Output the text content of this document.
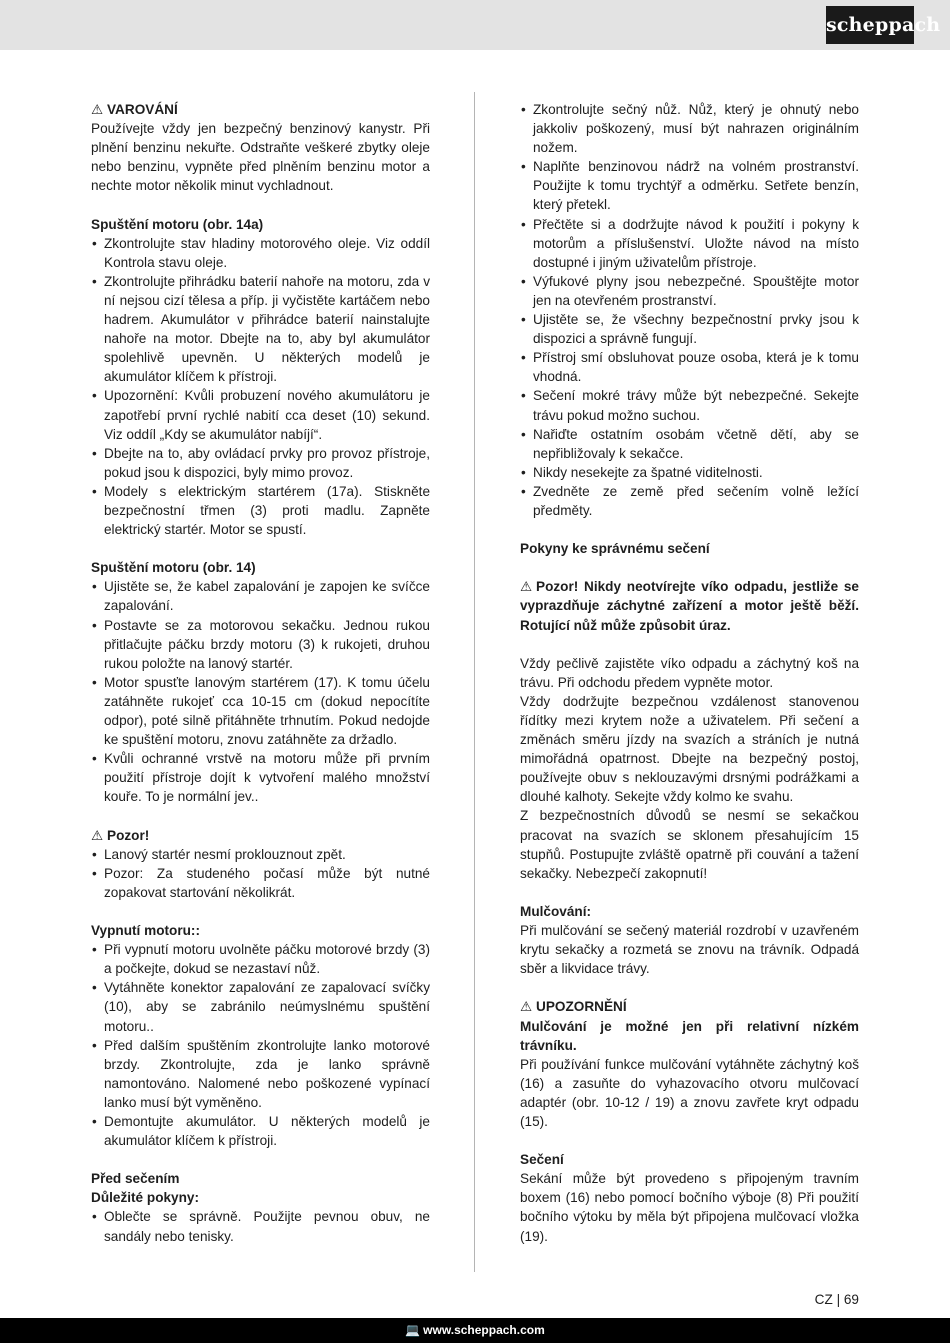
scheppach

⚠ VAROVÁNÍ

Používejte vždy jen bezpečný benzinový kanystr. Při plnění benzinu nekuřte. Odstraňte veškeré zbytky oleje nebo benzinu, vypněte před plněním benzinu motor a nechte motor několik minut vychladnout.

Spuštění motoru (obr. 14a)

• Zkontrolujte stav hladiny motorového oleje. Viz oddíl Kontrola stavu oleje.
• Zkontrolujte přihrádku baterií nahoře na motoru, zda v ní nejsou cizí tělesa a příp. ji vyčistěte kartáčem nebo hadrem. Akumulátor v přihrádce baterií nainstalujte nahoře na motor. Dbejte na to, aby byl akumulátor spolehlivě upevněn. U některých modelů je akumulátor klíčem k přístroji.
• Upozornění: Kvůli probuzení nového akumulátoru je zapotřebí první rychlé nabití cca deset (10) sekund. Viz oddíl „Kdy se akumulátor nabíjí“.
• Dbejte na to, aby ovládací prvky pro provoz přístroje, pokud jsou k dispozici, byly mimo provoz.
• Modely s elektrickým startérem (17a). Stiskněte bezpečnostní třmen (3) proti madlu. Zapněte elektrický startér. Motor se spustí.

Spuštění motoru (obr. 14)

• Ujistěte se, že kabel zapalování je zapojen ke svíčce zapalování.
• Postavte se za motorovou sekačku. Jednou rukou přitlačujte páčku brzdy motoru (3) k rukojeti, druhou rukou položte na lanový startér.
• Motor spusťte lanovým startérem (17). K tomu účelu zatáhněte rukojeť cca 10-15 cm (dokud nepocítíte odpor), poté silně přitáhněte trhnutím. Pokud nedojde ke spuštění motoru, znovu zatáhněte za držadlo.
• Kvůli ochranné vrstvě na motoru může při prvním použití přístroje dojít k vytvoření malého množství kouře. To je normální jev..

⚠ Pozor!

• Lanový startér nesmí proklouznout zpět.
• Pozor: Za studeného počasí může být nutné zopakovat startování několikrát.

Vypnutí motoru::

• Při vypnutí motoru uvolněte páčku motorové brzdy (3) a počkejte, dokud se nezastaví nůž.
• Vytáhněte konektor zapalování ze zapalovací svíčky (10), aby se zabránilo neúmyslnému spuštění motoru..
• Před dalším spuštěním zkontrolujte lanko motorové brzdy. Zkontrolujte, zda je lanko správně namontováno. Nalomené nebo poškozené vypínací lanko musí být vyměněno.
• Demontujte akumulátor. U některých modelů je akumulátor klíčem k přístroji.

Před sečením

Důležité pokyny:

• Oblečte se správně. Použijte pevnou obuv, ne sandály nebo tenisky.
• Zkontrolujte sečný nůž. Nůž, který je ohnutý nebo jakkoliv poškozený, musí být nahrazen originálním nožem.
• Naplňte benzinovou nádrž na volném prostranství. Použijte k tomu trychtýř a odměrku. Setřete benzín, který přetekl.
• Přečtěte si a dodržujte návod k použití i pokyny k motorům a příslušenství. Uložte návod na místo dostupné i jiným uživatelům přístroje.
• Výfukové plyny jsou nebezpečné. Spouštějte motor jen na otevřeném prostranství.
• Ujistěte se, že všechny bezpečnostní prvky jsou k dispozici a správně fungují.
• Přístroj smí obsluhovat pouze osoba, která je k tomu vhodná.
• Sečení mokré trávy může být nebezpečné. Sekejte trávu pokud možno suchou.
• Nařiďte ostatním osobám včetně dětí, aby se nepřibližovaly k sekačce.
• Nikdy nesekejte za špatné viditelnosti.
• Zvedněte ze země před sečením volně ležící předměty.

Pokyny ke správnému sečení

⚠ Pozor! Nikdy neotvírejte víko odpadu, jestliže se vyprazdňuje záchytné zařízení a motor ještě běží. Rotující nůž může způsobit úraz.

Vždy pečlivě zajistěte víko odpadu a záchytný koš na trávu. Při odchodu předem vypněte motor.

Vždy dodržujte bezpečnou vzdálenost stanovenou řídítky mezi krytem nože a uživatelem. Při sečení a změnách směru jízdy na svazích a stráních je nutná mimořádná opatrnost. Dbejte na bezpečný postoj, používejte obuv s neklouzavými drsnými podrážkami a dlouhé kalhoty. Sekejte vždy kolmo ke svahu.

Z bezpečnostních důvodů se nesmí se sekačkou pracovat na svazích se sklonem přesahujícím 15 stupňů. Postupujte zvláště opatrně při couvání a tažení sekačky. Nebezpečí zakopnutí!

Mulčování:

Při mulčování se sečený materiál rozdrobí v uzavřeném krytu sekačky a rozmetá se znovu na trávník. Odpadá sběr a likvidace trávy.

⚠ UPOZORNĚNÍ

Mulčování je možné jen při relativní nízkém trávníku.

Při používání funkce mulčování vytáhněte záchytný koš (16) a zasuňte do vyhazovacího otvoru mulčovací adaptér (obr. 10-12 / 19) a znovu zavřete kryt odpadu (15).

Sečení

Sekání může být provedeno s připojeným travním boxem (16) nebo pomocí bočního výboje (8) Při použití bočního výtoku by měla být připojena mulčovací vložka (19).

CZ | 69
💻 www.scheppach.com
